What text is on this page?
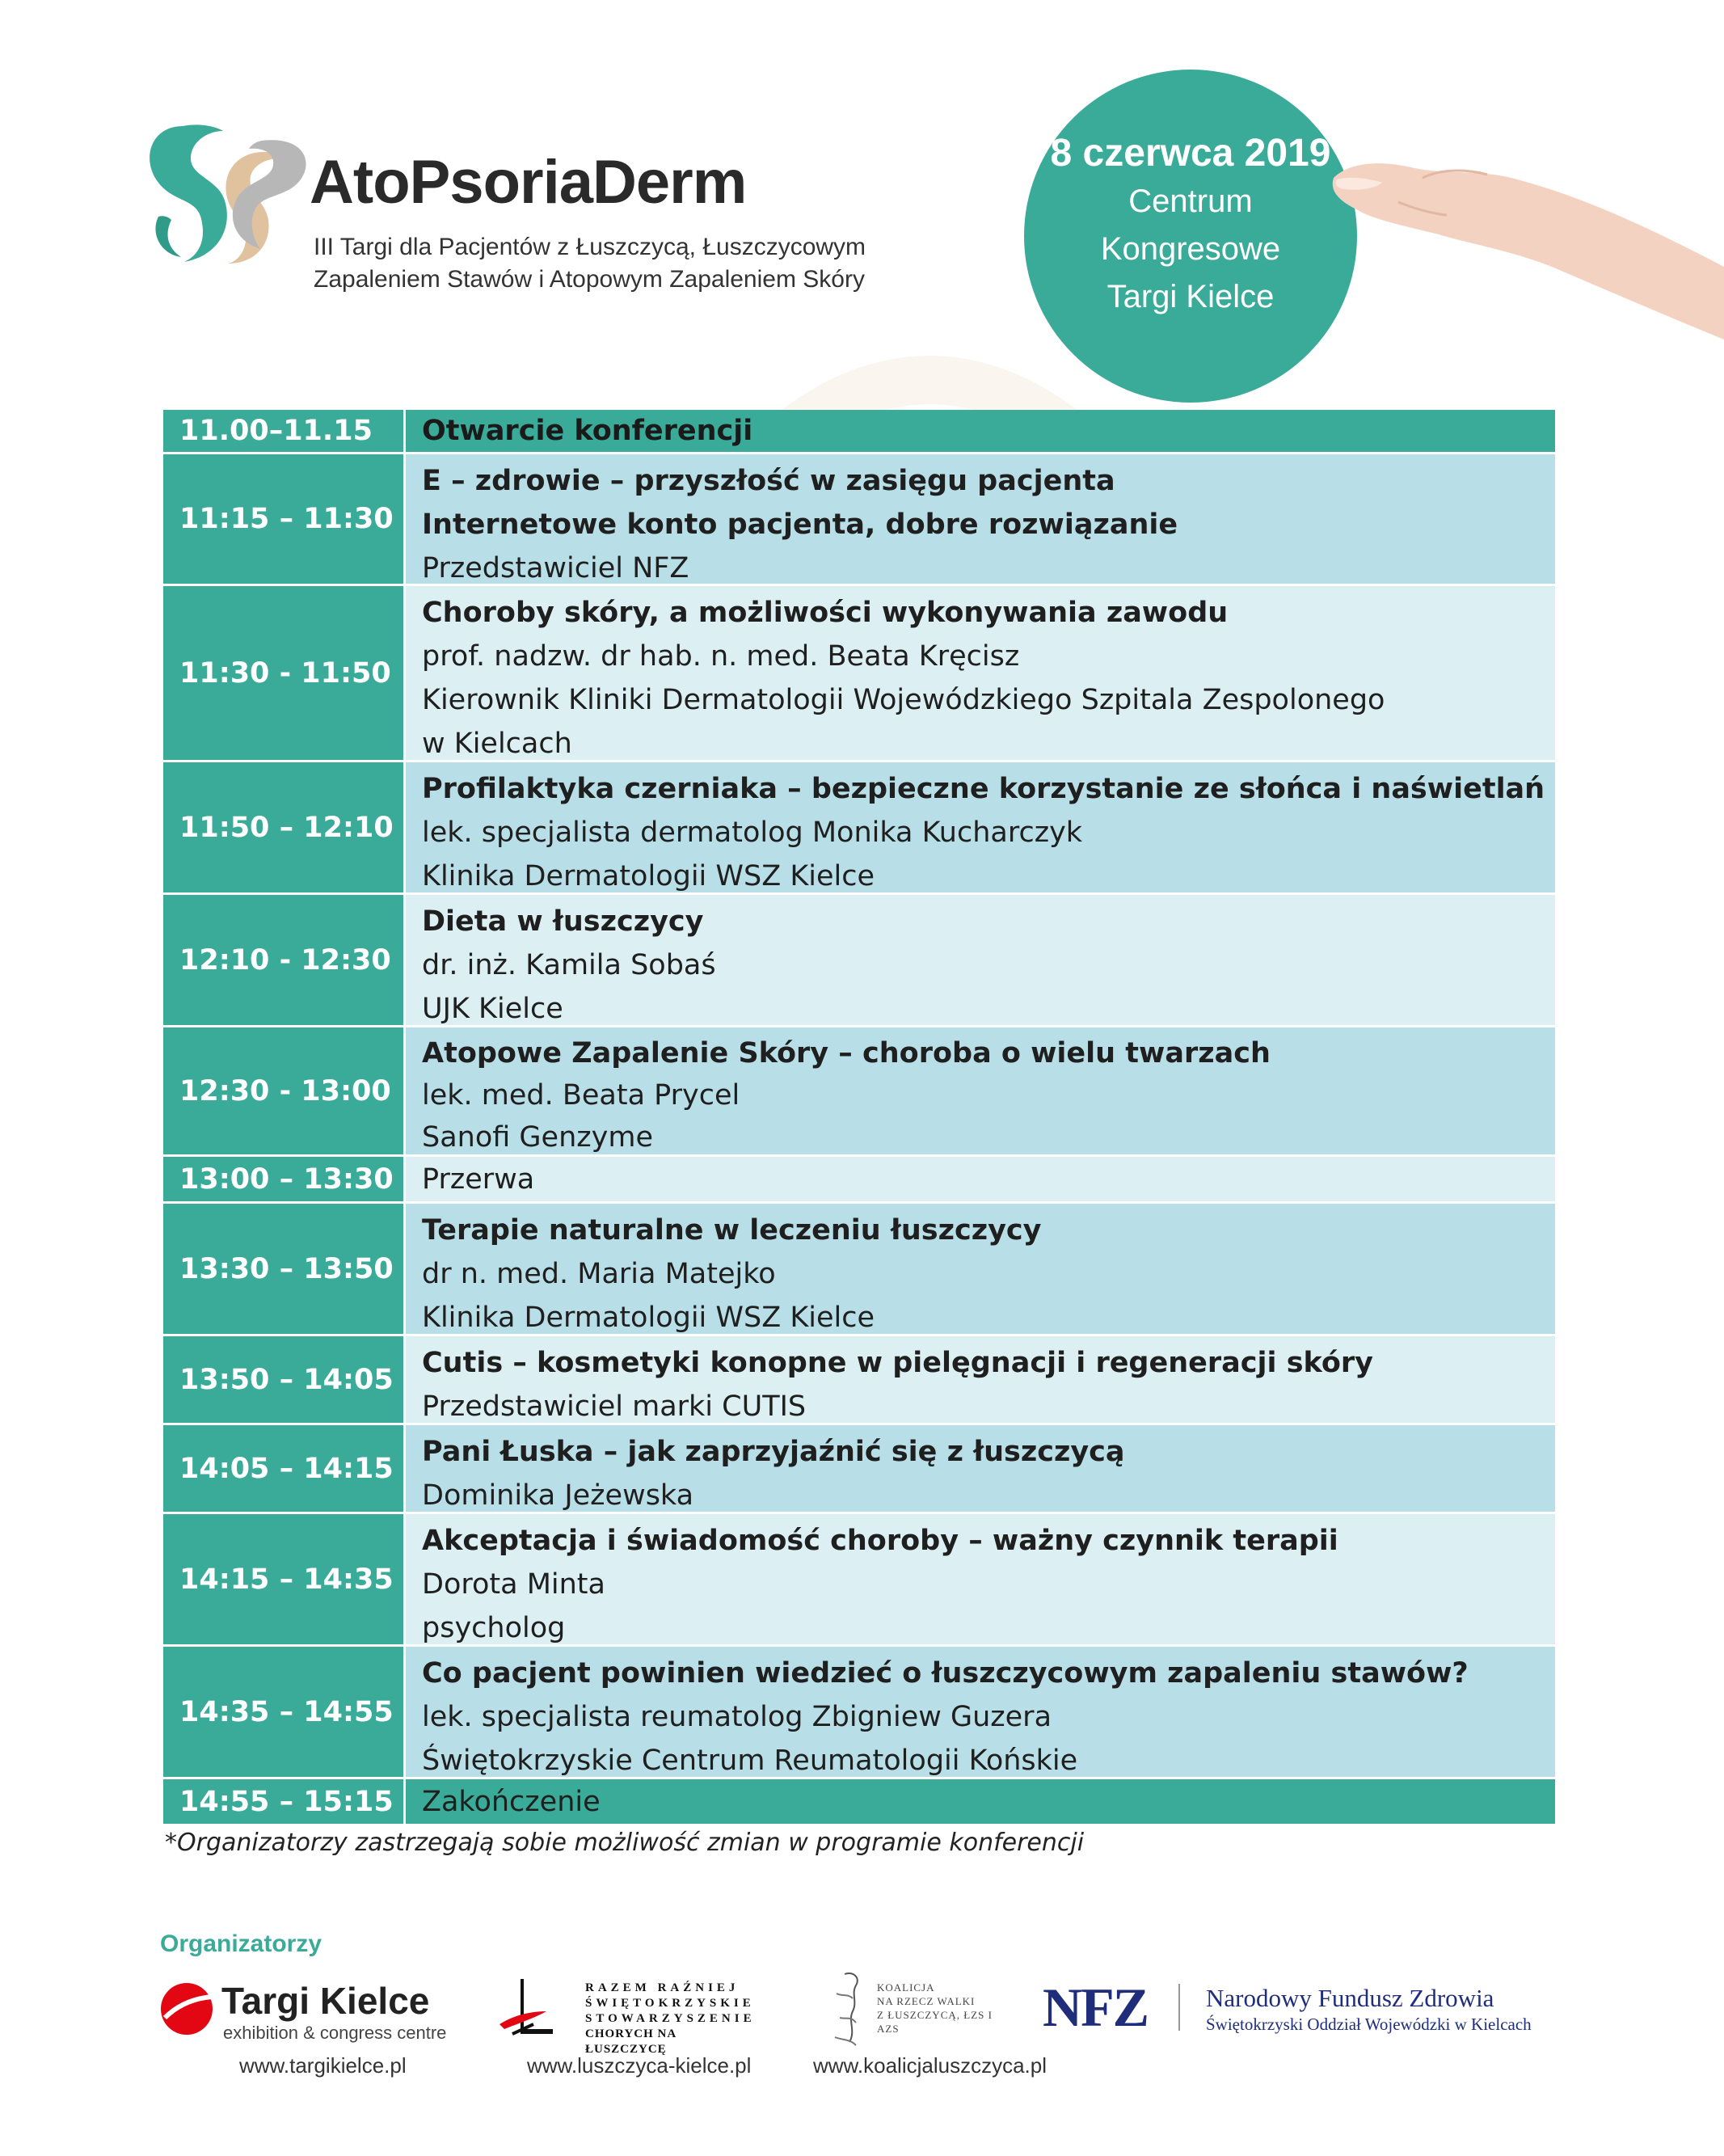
AtoPsoriaDerm
III Targi dla Pacjentów z Łuszczycą, Łuszczycowym
Zapaleniem Stawów i Atopowym Zapaleniem Skóry
8 czerwca 2019
Centrum
Kongresowe
Targi Kielce
11.00–11.15	Otwarcie konferencji
11:15 – 11:30
E – zdrowie – przyszłość w zasięgu pacjenta
Internetowe konto pacjenta, dobre rozwiązanie
Przedstawiciel NFZ
11:30 - 11:50
Choroby skóry, a możliwości wykonywania zawodu
prof. nadzw. dr hab. n. med. Beata Kręcisz
Kierownik Kliniki Dermatologii Wojewódzkiego Szpitala Zespolonego
w Kielcach
11:50 – 12:10
Profilaktyka czerniaka – bezpieczne korzystanie ze słońca i naświetlań
lek. specjalista dermatolog Monika Kucharczyk
Klinika Dermatologii WSZ Kielce
12:10 - 12:30
Dieta w łuszczycy
dr. inż. Kamila Sobaś
UJK Kielce
12:30 - 13:00
Atopowe Zapalenie Skóry – choroba o wielu twarzach
lek. med. Beata Prycel
Sanofi Genzyme
13:00 – 13:30	Przerwa
13:30 – 13:50
Terapie naturalne w leczeniu łuszczycy
dr n. med. Maria Matejko
Klinika Dermatologii WSZ Kielce
13:50 – 14:05
Cutis – kosmetyki konopne w pielęgnacji i regeneracji skóry
Przedstawiciel marki CUTIS
14:05 – 14:15
Pani Łuska – jak zaprzyjaźnić się z łuszczycą
Dominika Jeżewska
14:15 – 14:35
Akceptacja i świadomość choroby – ważny czynnik terapii
Dorota Minta
psycholog
14:35 – 14:55
Co pacjent powinien wiedzieć o łuszczycowym zapaleniu stawów?
lek. specjalista reumatolog Zbigniew Guzera
Świętokrzyskie Centrum Reumatologii Końskie
14:55 – 15:15	Zakończenie
*Organizatorzy zastrzegają sobie możliwość zmian w programie konferencji
Organizatorzy
Targi Kielce
exhibition & congress centre
www.targikielce.pl
RAZEM RAŹNIEJ
ŚWIĘTOKRZYSKIE
STOWARZYSZENIE
CHORYCH NA ŁUSZCZYCĘ
www.luszczyca-kielce.pl
KOALICJA
NA RZECZ WALKI
Z ŁUSZCZYCĄ, ŁZS I AZS
www.koalicjaluszczyca.pl
NFZ Narodowy Fundusz Zdrowia
Świętokrzyski Oddział Wojewódzki w Kielcach
